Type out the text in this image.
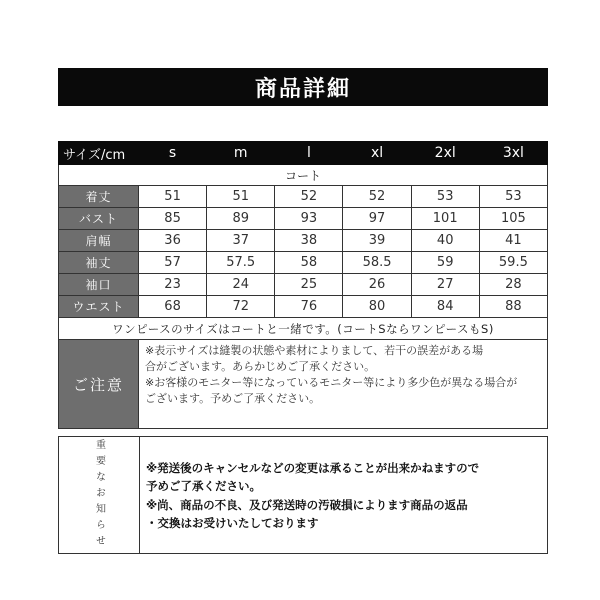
商品詳細
サイズ/cm	s	m	l	xl	2xl	3xl
コート						
着丈	51	51	52	52	53	53
バスト	85	89	93	97	101	105
肩幅	36	37	38	39	40	41
袖丈	57	57.5	58	58.5	59	59.5
袖口	23	24	25	26	27	28
ウエスト	68	72	76	80	84	88
ワンピースのサイズはコートと一緒です。(コートSならワンピースもS)						
ご注意	※表示サイズは縫製の状態や素材によりまして、若干の誤差がある場
合がございます。あらかじめご了承ください。
※お客様のモニター等になっているモニター等により多少色が異なる場合が
ございます。予めご了承ください。					
重要なお知らせ	※発送後のキャンセルなどの変更は承ることが出来かねますので
予めご了承ください。
※尚、商品の不良、及び発送時の汚破損によります商品の返品
・交換はお受けいたしております
